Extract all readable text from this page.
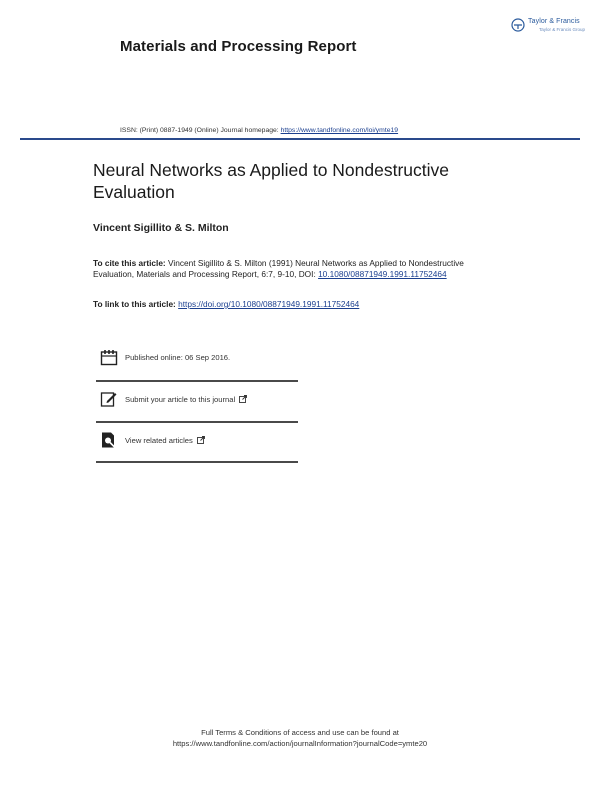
Materials and Processing Report
Taylor & Francis
Taylor & Francis Group
ISSN: (Print) 0887-1949 (Online) Journal homepage: https://www.tandfonline.com/loi/ymte19
Neural Networks as Applied to Nondestructive Evaluation
Vincent Sigillito & S. Milton
To cite this article: Vincent Sigillito & S. Milton (1991) Neural Networks as Applied to Nondestructive Evaluation, Materials and Processing Report, 6:7, 9-10, DOI: 10.1080/08871949.1991.11752464
To link to this article: https://doi.org/10.1080/08871949.1991.11752464
Published online: 06 Sep 2016.
Submit your article to this journal
View related articles
Full Terms & Conditions of access and use can be found at
https://www.tandfonline.com/action/journalInformation?journalCode=ymte20
